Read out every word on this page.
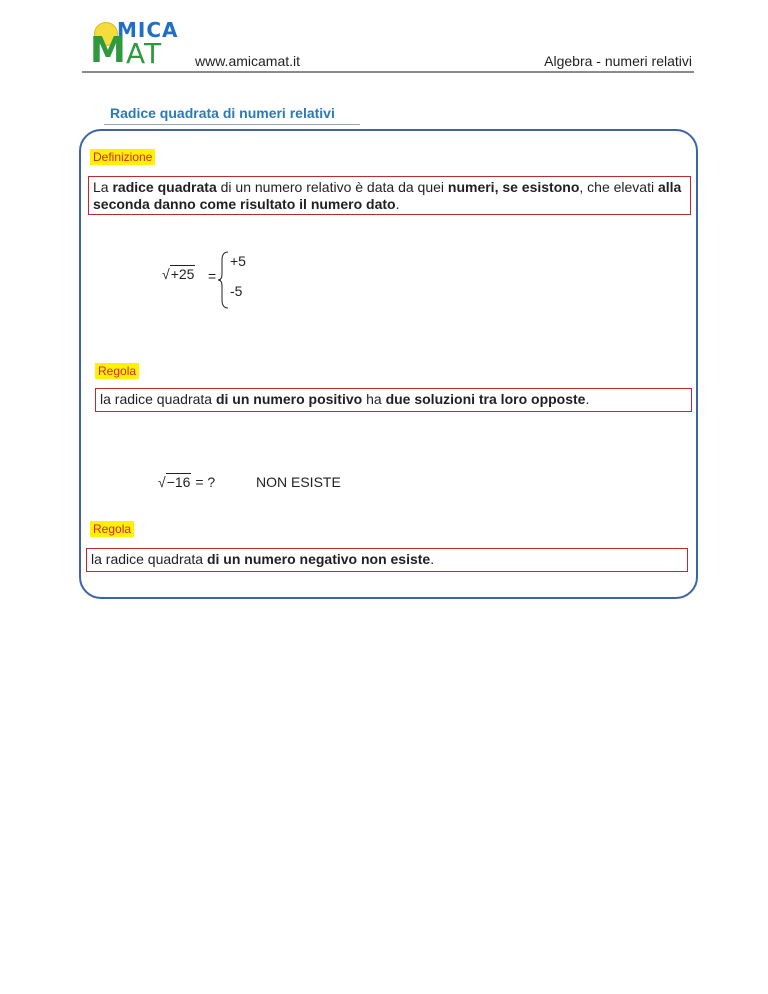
MICA
M AT www.amicamat.it	Algebra - numeri relativi
Radice quadrata di numeri relativi
Definizione
La radice quadrata di un numero relativo è data da quei numeri, se esistono, che elevati alla seconda danno come risultato il numero dato.
√+25 =
+5
-5
Regola
la radice quadrata di un numero positivo ha due soluzioni tra loro opposte.
√−16 = ?	NON ESISTE
Regola
la radice quadrata di un numero negativo non esiste.
